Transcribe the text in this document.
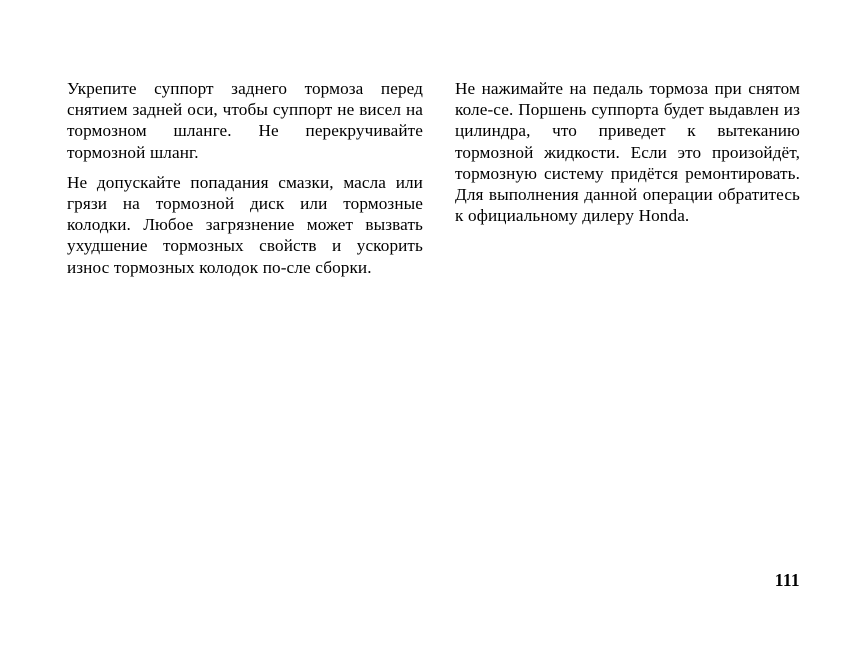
Укрепите суппорт заднего тормоза перед снятием задней оси, чтобы суппорт не висел на тормозном шланге. Не перекручивайте тормозной шланг.

Не допускайте попадания смазки, масла или грязи на тормозной диск или тормозные колодки. Любое загрязнение может вызвать ухудшение тормозных свойств и ускорить износ тормозных колодок по-сле сборки.

Не нажимайте на педаль тормоза при снятом коле-се. Поршень суппорта будет выдавлен из цилиндра, что приведет к вытеканию тормозной жидкости. Если это произойдёт, тормозную систему придётся ремонтировать. Для выполнения данной операции обратитесь к официальному дилеру Honda.

111
